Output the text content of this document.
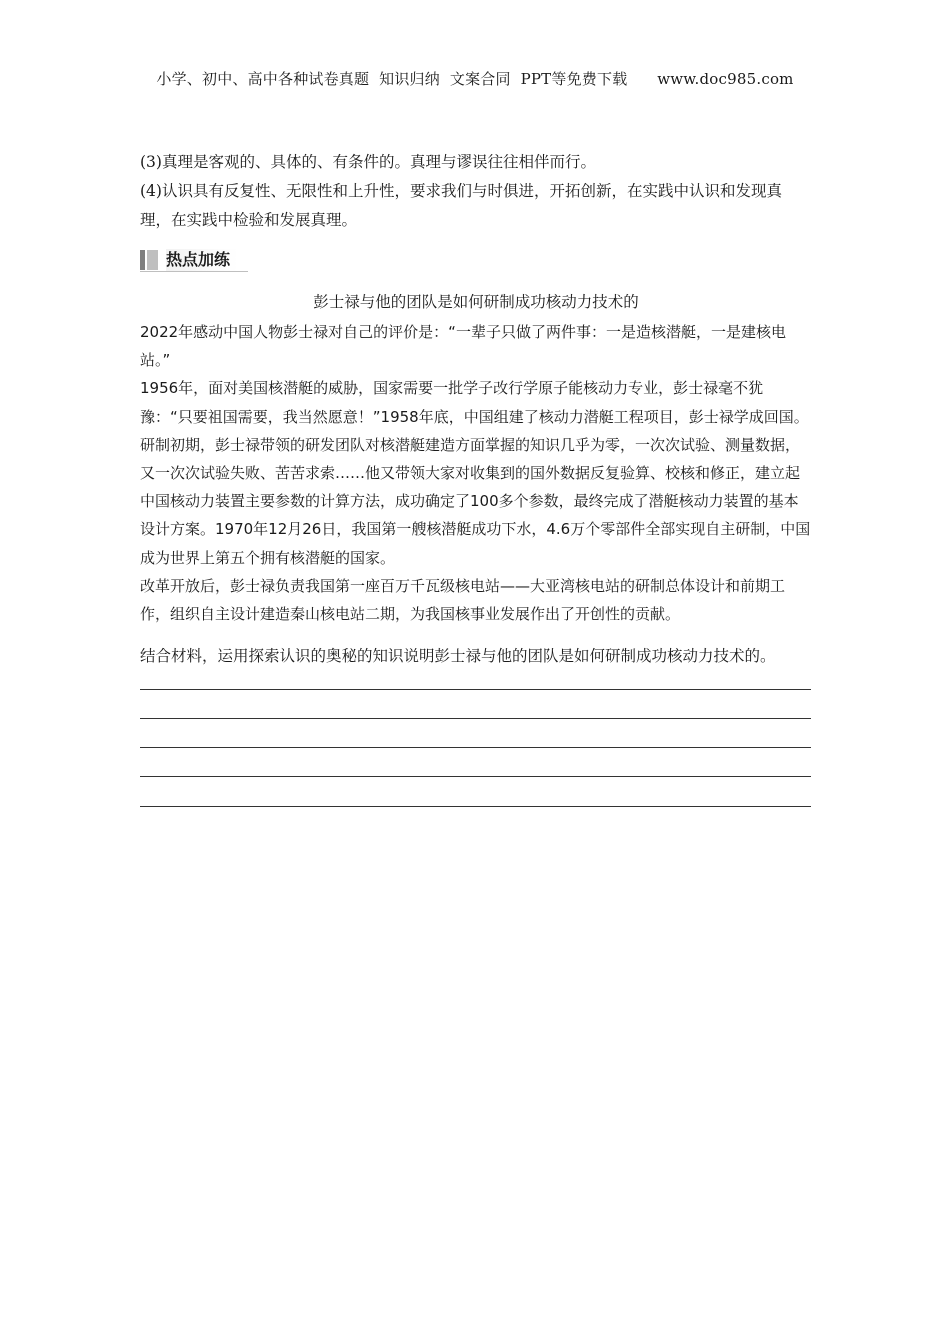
小学、初中、高中各种试卷真题  知识归纳  文案合同  PPT等免费下载      www.doc985.com

(3)真理是客观的、具体的、有条件的。真理与谬误往往相伴而行。

(4)认识具有反复性、无限性和上升性，要求我们与时俱进，开拓创新，在实践中认识和发现真理，在实践中检验和发展真理。

热点加练
彭士禄与他的团队是如何研制成功核动力技术的

2022年感动中国人物彭士禄对自己的评价是：“一辈子只做了两件事：一是造核潜艇，一是建核电站。”

1956年，面对美国核潜艇的威胁，国家需要一批学子改行学原子能核动力专业，彭士禄毫不犹豫：“只要祖国需要，我当然愿意！”1958年底，中国组建了核动力潜艇工程项目，彭士禄学成回国。研制初期，彭士禄带领的研发团队对核潜艇建造方面掌握的知识几乎为零，一次次试验、测量数据，又一次次试验失败、苦苦求索……他又带领大家对收集到的国外数据反复验算、校核和修正，建立起中国核动力装置主要参数的计算方法，成功确定了100多个参数，最终完成了潜艇核动力装置的基本设计方案。1970年12月26日，我国第一艘核潜艇成功下水，4.6万个零部件全部实现自主研制，中国成为世界上第五个拥有核潜艇的国家。

改革开放后，彭士禄负责我国第一座百万千瓦级核电站——大亚湾核电站的研制总体设计和前期工作，组织自主设计建造秦山核电站二期，为我国核事业发展作出了开创性的贡献。

结合材料，运用探索认识的奥秘的知识说明彭士禄与他的团队是如何研制成功核动力技术的。
